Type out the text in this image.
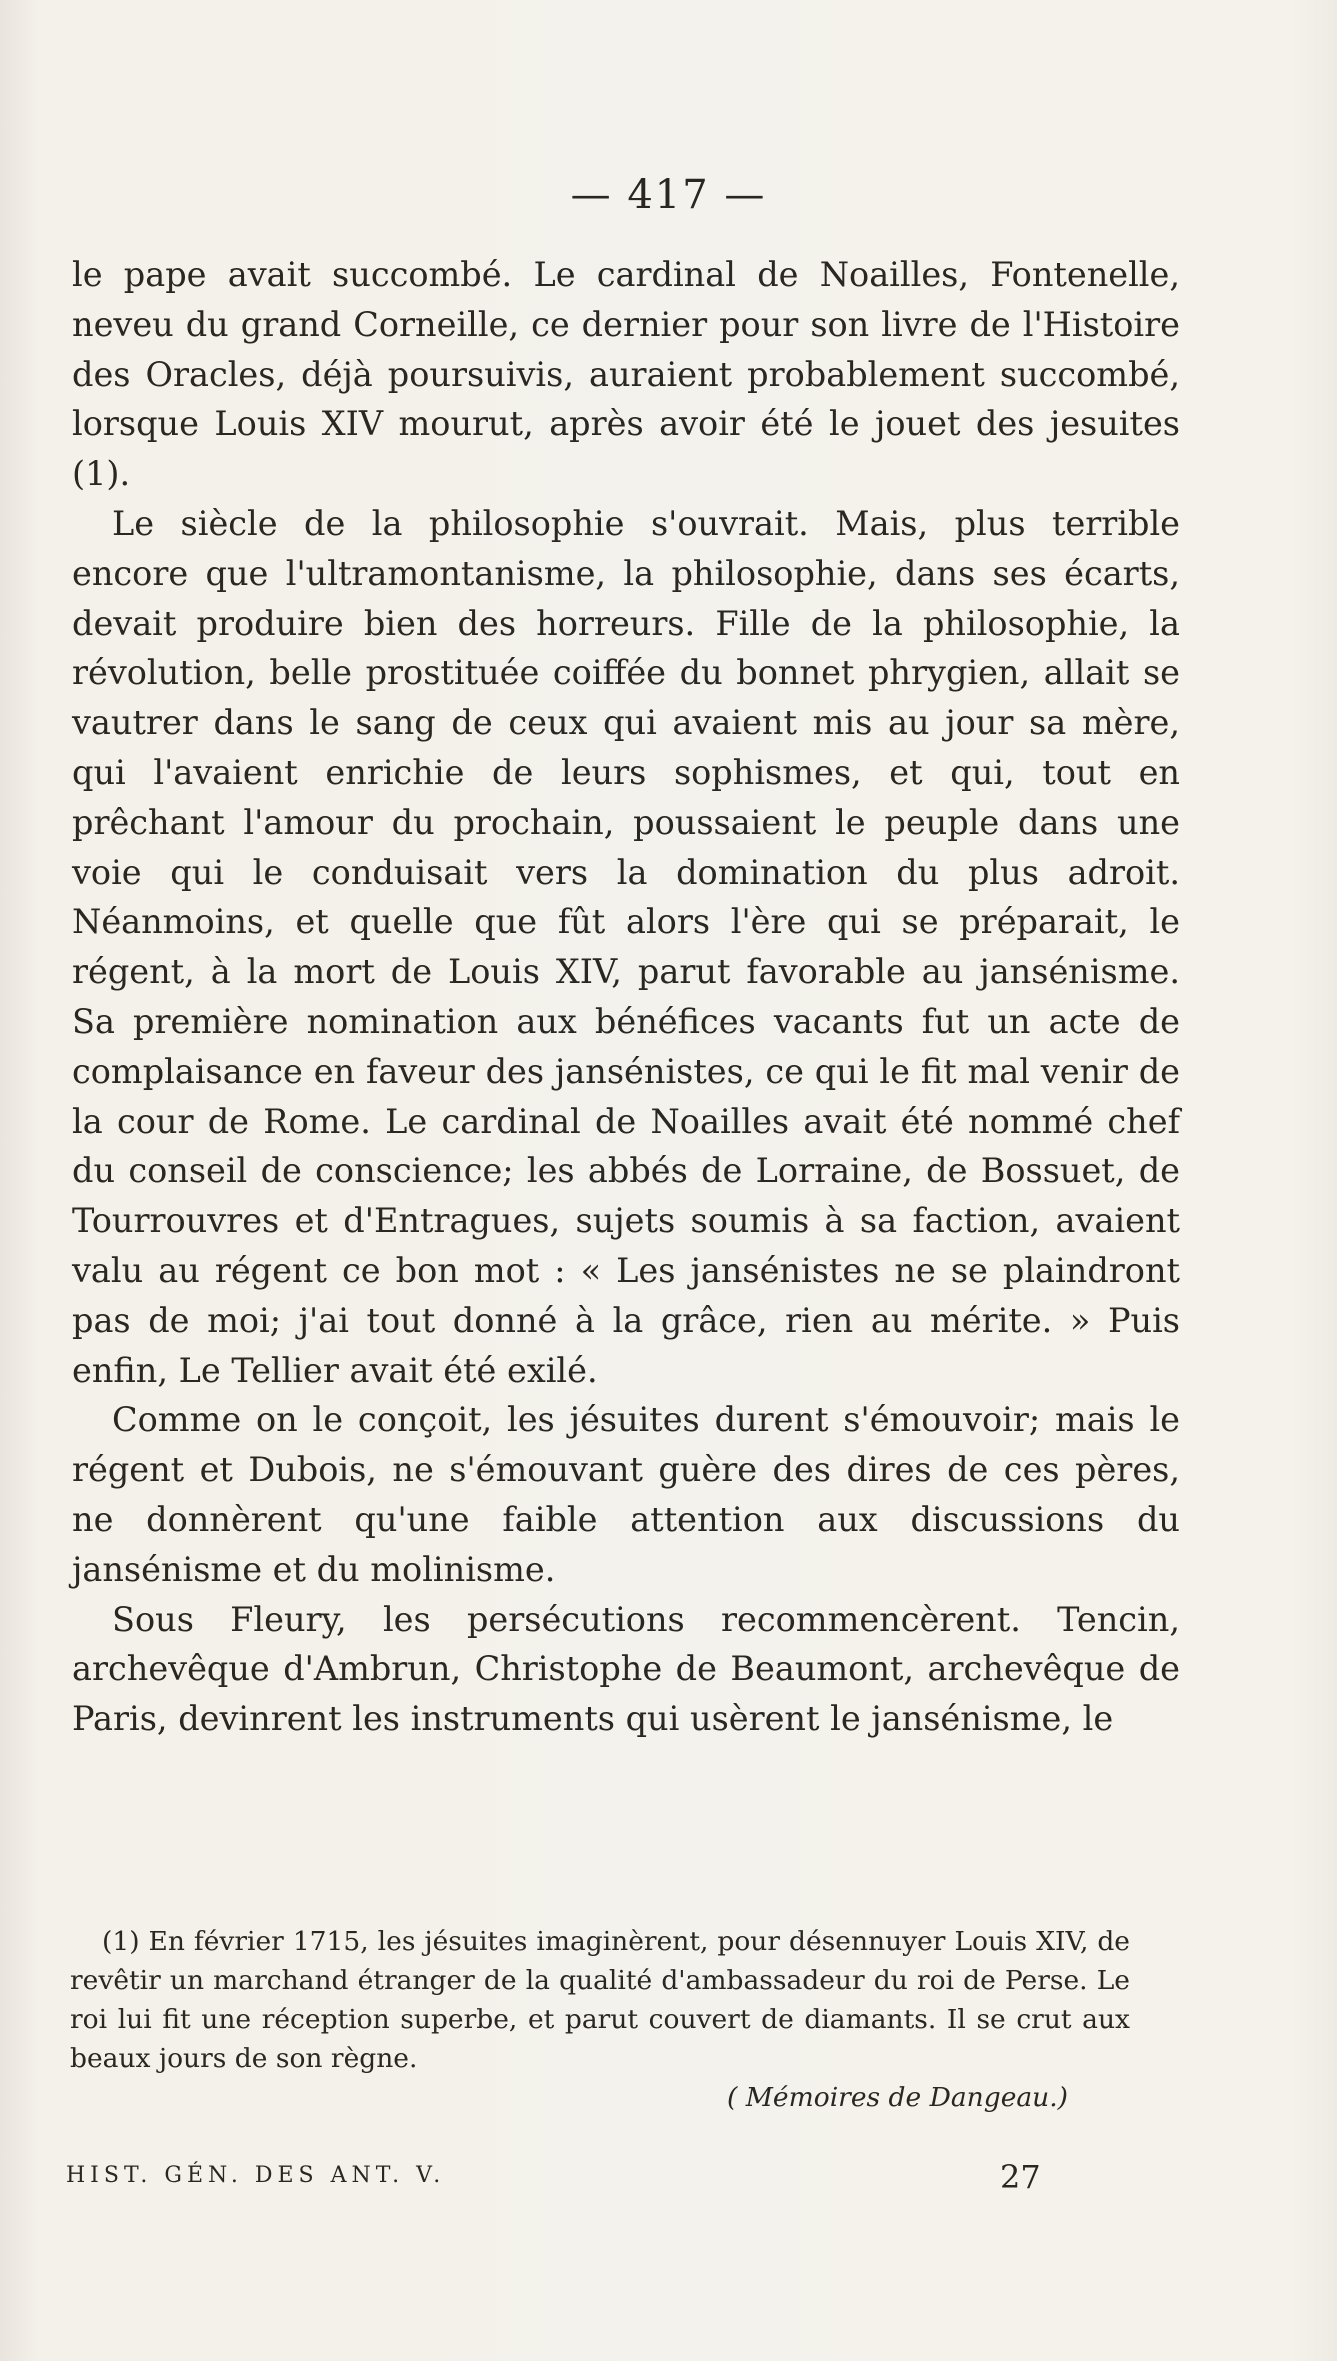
— 417 —

le pape avait succombé. Le cardinal de Noailles, Fontenelle, neveu du grand Corneille, ce dernier pour son livre de l'Histoire des Oracles, déjà poursuivis, auraient probablement succombé, lorsque Louis XIV mourut, après avoir été le jouet des jesuites (1).

Le siècle de la philosophie s'ouvrait. Mais, plus terrible encore que l'ultramontanisme, la philosophie, dans ses écarts, devait produire bien des horreurs. Fille de la philosophie, la révolution, belle prostituée coiffée du bonnet phrygien, allait se vautrer dans le sang de ceux qui avaient mis au jour sa mère, qui l'avaient enrichie de leurs sophismes, et qui, tout en prêchant l'amour du prochain, poussaient le peuple dans une voie qui le conduisait vers la domination du plus adroit. Néanmoins, et quelle que fût alors l'ère qui se préparait, le régent, à la mort de Louis XIV, parut favorable au jansénisme. Sa première nomination aux bénéfices vacants fut un acte de complaisance en faveur des jansénistes, ce qui le fit mal venir de la cour de Rome. Le cardinal de Noailles avait été nommé chef du conseil de conscience; les abbés de Lorraine, de Bossuet, de Tourrouvres et d'Entragues, sujets soumis à sa faction, avaient valu au régent ce bon mot : « Les jansénistes ne se plaindront pas de moi; j'ai tout donné à la grâce, rien au mérite. » Puis enfin, Le Tellier avait été exilé.

Comme on le conçoit, les jésuites durent s'émouvoir; mais le régent et Dubois, ne s'émouvant guère des dires de ces pères, ne donnèrent qu'une faible attention aux discussions du jansénisme et du molinisme.

Sous Fleury, les persécutions recommencèrent. Tencin, archevêque d'Ambrun, Christophe de Beaumont, archevêque de Paris, devinrent les instruments qui usèrent le jansénisme, le

(1) En février 1715, les jésuites imaginèrent, pour désennuyer Louis XIV, de revêtir un marchand étranger de la qualité d'ambassadeur du roi de Perse. Le roi lui fit une réception superbe, et parut couvert de diamants. Il se crut aux beaux jours de son règne.

( Mémoires de Dangeau.)
HIST. GÉN. DES ANT. V.	27
